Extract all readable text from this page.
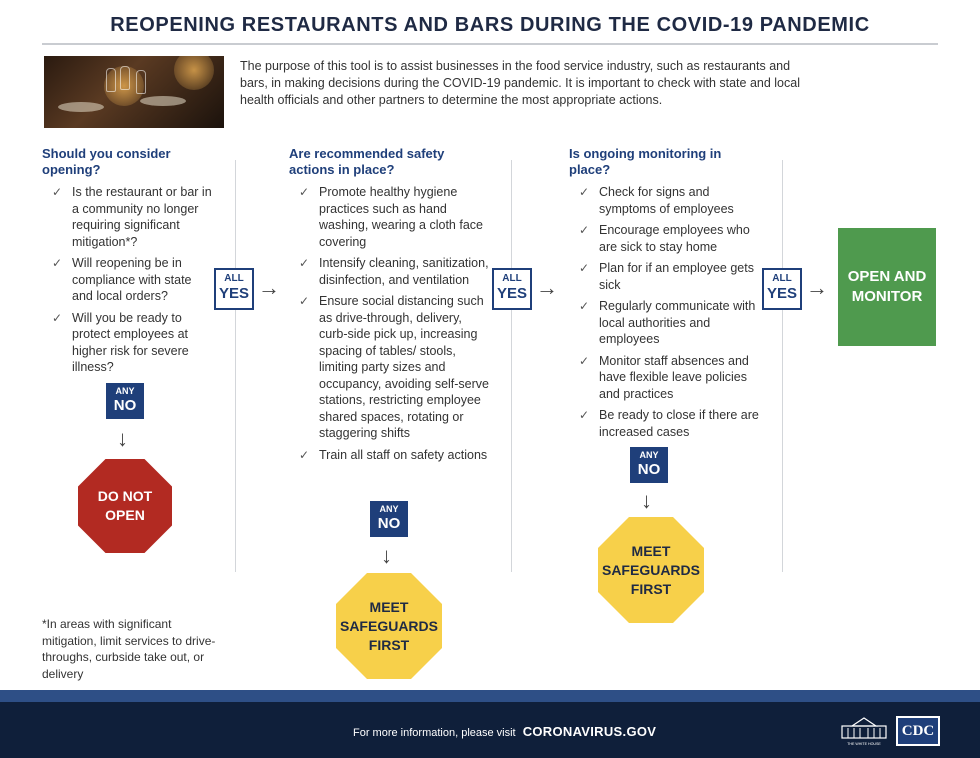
REOPENING RESTAURANTS AND BARS DURING THE COVID-19 PANDEMIC
The purpose of this tool is to assist businesses in the food service industry, such as restaurants and bars, in making decisions during the COVID-19 pandemic. It is important to check with state and local health officials and other partners to determine the most appropriate actions.
Should you consider opening?
✓ Is the restaurant or bar in a community no longer requiring significant mitigation*?
✓ Will reopening be in compliance with state and local orders?
✓ Will you be ready to protect employees at higher risk for severe illness?
Are recommended safety actions in place?
✓ Promote healthy hygiene practices such as hand washing, wearing a cloth face covering
✓ Intensify cleaning, sanitization, disinfection, and ventilation
✓ Ensure social distancing such as drive-through, delivery, curb-side pick up, increasing spacing of tables/ stools, limiting party sizes and occupancy, avoiding self-serve stations, restricting employee shared spaces, rotating or staggering shifts
✓ Train all staff on safety actions
Is ongoing monitoring in place?
✓ Check for signs and symptoms of employees
✓ Encourage employees who are sick to stay home
✓ Plan for if an employee gets sick
✓ Regularly communicate with local authorities and employees
✓ Monitor staff absences and have flexible leave policies and practices
✓ Be ready to close if there are increased cases
ALL
YES →	ALL
YES →	ALL
YES → OPEN AND
MONITOR
ANY
NO
↓
ANY
NO
↓
ANY
NO
↓
DO NOT
OPEN
MEET
SAFEGUARDS
FIRST
MEET
SAFEGUARDS
FIRST
*In areas with significant mitigation, limit services to drive-throughs, curbside take out, or delivery
For more information, please visit CORONAVIRUS.GOV
THE WHITE HOUSE
CDC
